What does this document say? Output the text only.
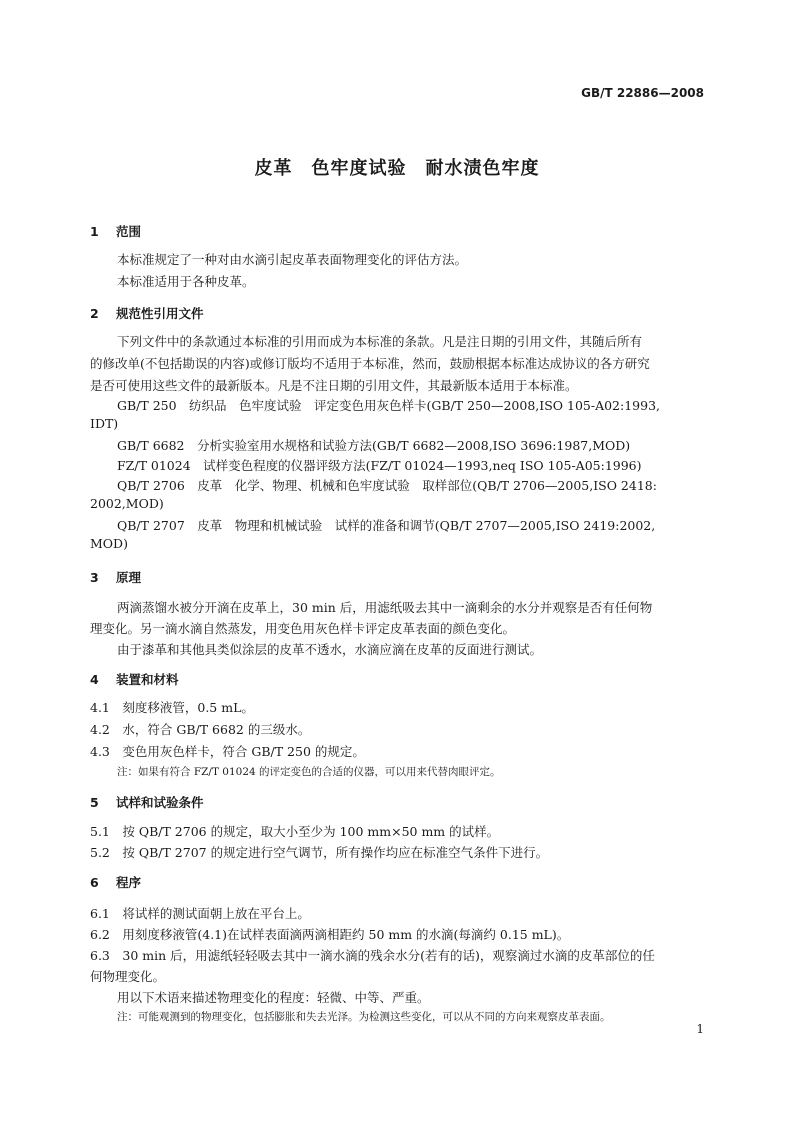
GB/T 22886—2008
皮革　色牢度试验　耐水渍色牢度
1 范围
本标准规定了一种对由水滴引起皮革表面物理变化的评估方法。
本标准适用于各种皮革。
2 规范性引用文件
下列文件中的条款通过本标准的引用而成为本标准的条款。凡是注日期的引用文件，其随后所有
的修改单(不包括勘误的内容)或修订版均不适用于本标准，然而，鼓励根据本标准达成协议的各方研究
是否可使用这些文件的最新版本。凡是不注日期的引用文件，其最新版本适用于本标准。
GB/T 250　纺织品　色牢度试验　评定变色用灰色样卡(GB/T 250—2008,ISO 105-A02:1993,
IDT)
GB/T 6682　分析实验室用水规格和试验方法(GB/T 6682—2008,ISO 3696:1987,MOD)
FZ/T 01024　试样变色程度的仪器评级方法(FZ/T 01024—1993,neq ISO 105-A05:1996)
QB/T 2706　皮革　化学、物理、机械和色牢度试验　取样部位(QB/T 2706—2005,ISO 2418:
2002,MOD)
QB/T 2707　皮革　物理和机械试验　试样的准备和调节(QB/T 2707—2005,ISO 2419:2002,
MOD)
3 原理
两滴蒸馏水被分开滴在皮革上，30 min 后，用滤纸吸去其中一滴剩余的水分并观察是否有任何物
理变化。另一滴水滴自然蒸发，用变色用灰色样卡评定皮革表面的颜色变化。
由于漆革和其他具类似涂层的皮革不透水，水滴应滴在皮革的反面进行测试。
4 装置和材料
4.1　刻度移液管，0.5 mL。
4.2　水，符合 GB/T 6682 的三级水。
4.3　变色用灰色样卡，符合 GB/T 250 的规定。
注：如果有符合 FZ/T 01024 的评定变色的合适的仪器，可以用来代替肉眼评定。
5 试样和试验条件
5.1　按 QB/T 2706 的规定，取大小至少为 100 mm×50 mm 的试样。
5.2　按 QB/T 2707 的规定进行空气调节，所有操作均应在标准空气条件下进行。
6 程序
6.1　将试样的测试面朝上放在平台上。
6.2　用刻度移液管(4.1)在试样表面滴两滴相距约 50 mm 的水滴(每滴约 0.15 mL)。
6.3　30 min 后，用滤纸轻轻吸去其中一滴水滴的残余水分(若有的话)，观察滴过水滴的皮革部位的任
何物理变化。
用以下术语来描述物理变化的程度：轻微、中等、严重。
注：可能观测到的物理变化，包括膨胀和失去光泽。为检测这些变化，可以从不同的方向来观察皮革表面。
1
